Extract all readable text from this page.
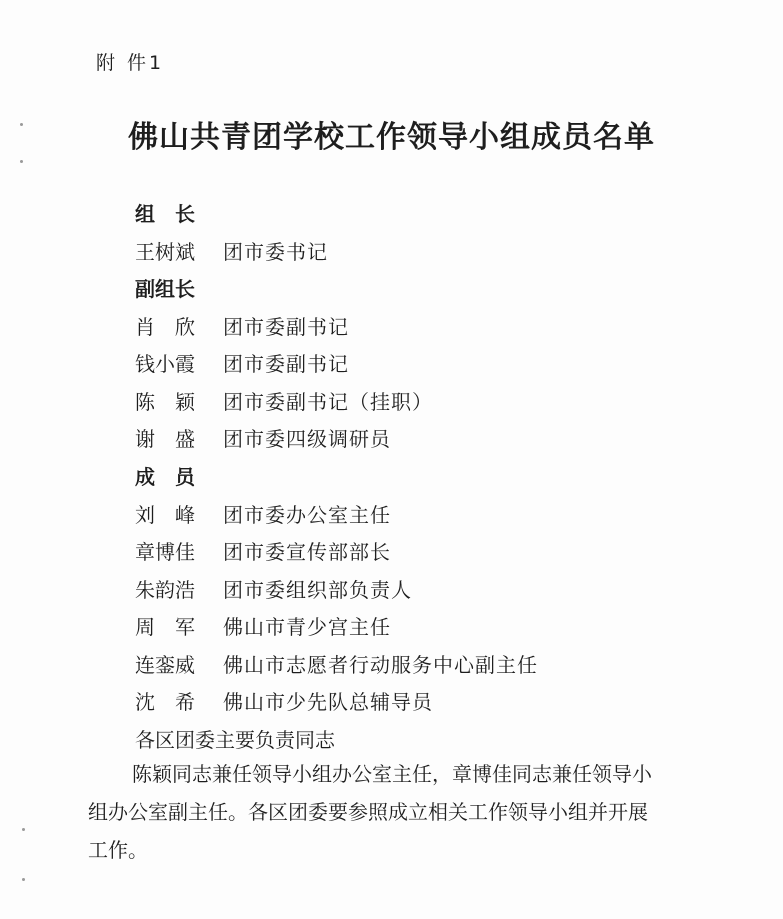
附 件1
佛山共青团学校工作领导小组成员名单
组　长
王树斌 团市委书记
副组长
肖　欣 团市委副书记
钱小霞 团市委副书记
陈　颖 团市委副书记（挂职）
谢　盛 团市委四级调研员
成　员
刘　峰 团市委办公室主任
章博佳 团市委宣传部部长
朱韵浩 团市委组织部负责人
周　军 佛山市青少宫主任
连銮威 佛山市志愿者行动服务中心副主任
沈　希 佛山市少先队总辅导员
各区团委主要负责同志

陈颖同志兼任领导小组办公室主任，章博佳同志兼任领导小

组办公室副主任。各区团委要参照成立相关工作领导小组并开展

工作。
